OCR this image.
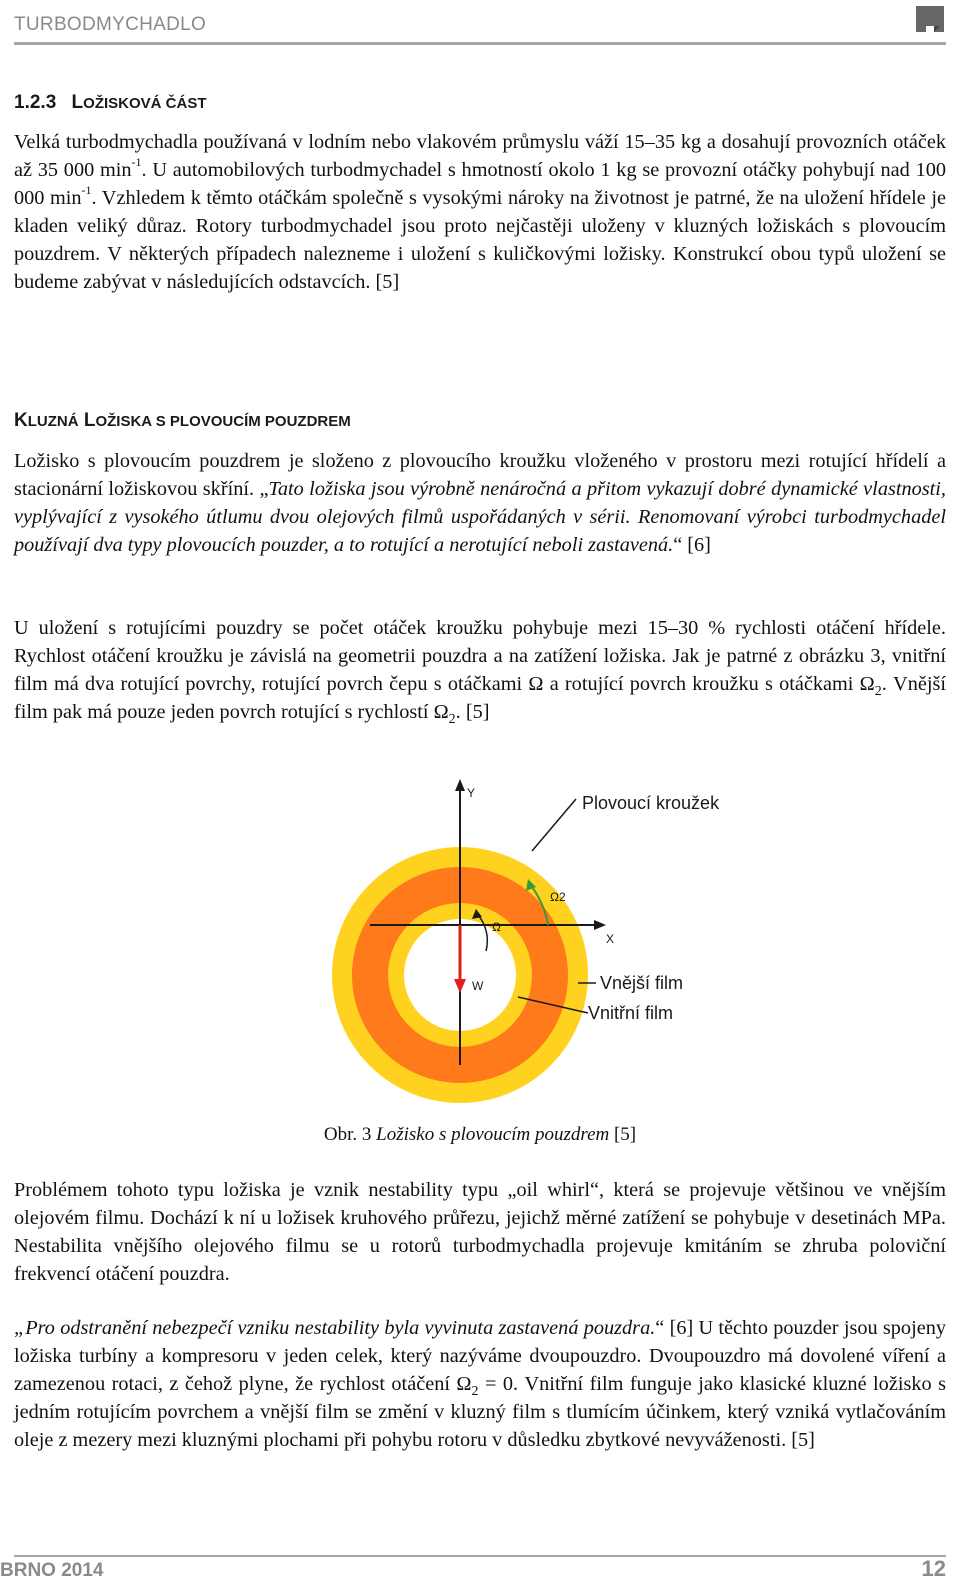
TURBODMYCHADLO
1.2.3 LOŽISKOVÁ ČÁST

Velká turbodmychadla používaná v lodním nebo vlakovém průmyslu váží 15–35 kg a dosahují provozních otáček až 35 000 $\min^{-1}$. U automobilových turbodmychadel s hmotností okolo 1 kg se provozní otáčky pohybují nad 100 000 $\min^{-1}$. Vzhledem k těmto otáčkám společně s vysokými nároky na životnost je patrné, že na uložení hřídele je kladen veliký důraz. Rotory turbodmychadel jsou proto nejčastěji uloženy v kluzných ložiskách s plovoucím pouzdrem. V některých případech nalezneme i uložení s kuličkovými ložisky. Konstrukcí obou typů uložení se budeme zabývat v následujících odstavcích. [5]

KLUZNÁ LOŽISKA S PLOVOUCÍM POUZDREM

Ložisko s plovoucím pouzdrem je složeno z plovoucího kroužku vloženého v prostoru mezi rotující hřídelí a stacionární ložiskovou skříní. „Tato ložiska jsou výrobně nenáročná a přitom vykazují dobré dynamické vlastnosti, vyplývající z vysokého útlumu dvou olejových filmů uspořádaných v sérii. Renomovaní výrobci turbodmychadel používají dva typy plovoucích pouzder, a to rotující a nerotující neboli zastavená.“ [6]

U uložení s rotujícími pouzdry se počet otáček kroužku pohybuje mezi 15–30 % rychlosti otáčení hřídele. Rychlost otáčení kroužku je závislá na geometrii pouzdra a na zatížení ložiska. Jak je patrné z obrázku 3, vnitřní film má dva rotující povrchy, rotující povrch čepu s otáčkami Ω a rotující povrch kroužku s otáčkami $\Omega_2$. Vnější film pak má pouze jeden povrch rotující s rychlostí $\Omega_2$. [5]

Y
X
W
Ω
Ω2
Plovoucí kroužek
Vnější film
Vnitřní film
Obr. 3 Ložisko s plovoucím pouzdrem [5]

Problémem tohoto typu ložiska je vznik nestability typu „oil whirl“, která se projevuje většinou ve vnějším olejovém filmu. Dochází k ní u ložisek kruhového průřezu, jejichž měrné zatížení se pohybuje v desetinách MPa. Nestabilita vnějšího olejového filmu se u rotorů turbodmychadla projevuje kmitáním se zhruba poloviční frekvencí otáčení pouzdra.

„Pro odstranění nebezpečí vzniku nestability byla vyvinuta zastavená pouzdra.“ [6] U těchto pouzder jsou spojeny ložiska turbíny a kompresoru v jeden celek, který nazýváme dvoupouzdro. Dvoupouzdro má dovolené víření a zamezenou rotaci, z čehož plyne, že rychlost otáčení $\Omega_2 = 0$. Vnitřní film funguje jako klasické kluzné ložisko s jedním rotujícím povrchem a vnější film se změní v kluzný film s tlumícím účinkem, který vzniká vytlačováním oleje z mezery mezi kluznými plochami při pohybu rotoru v důsledku zbytkové nevyváženosti. [5]

BRNO 2014	12
